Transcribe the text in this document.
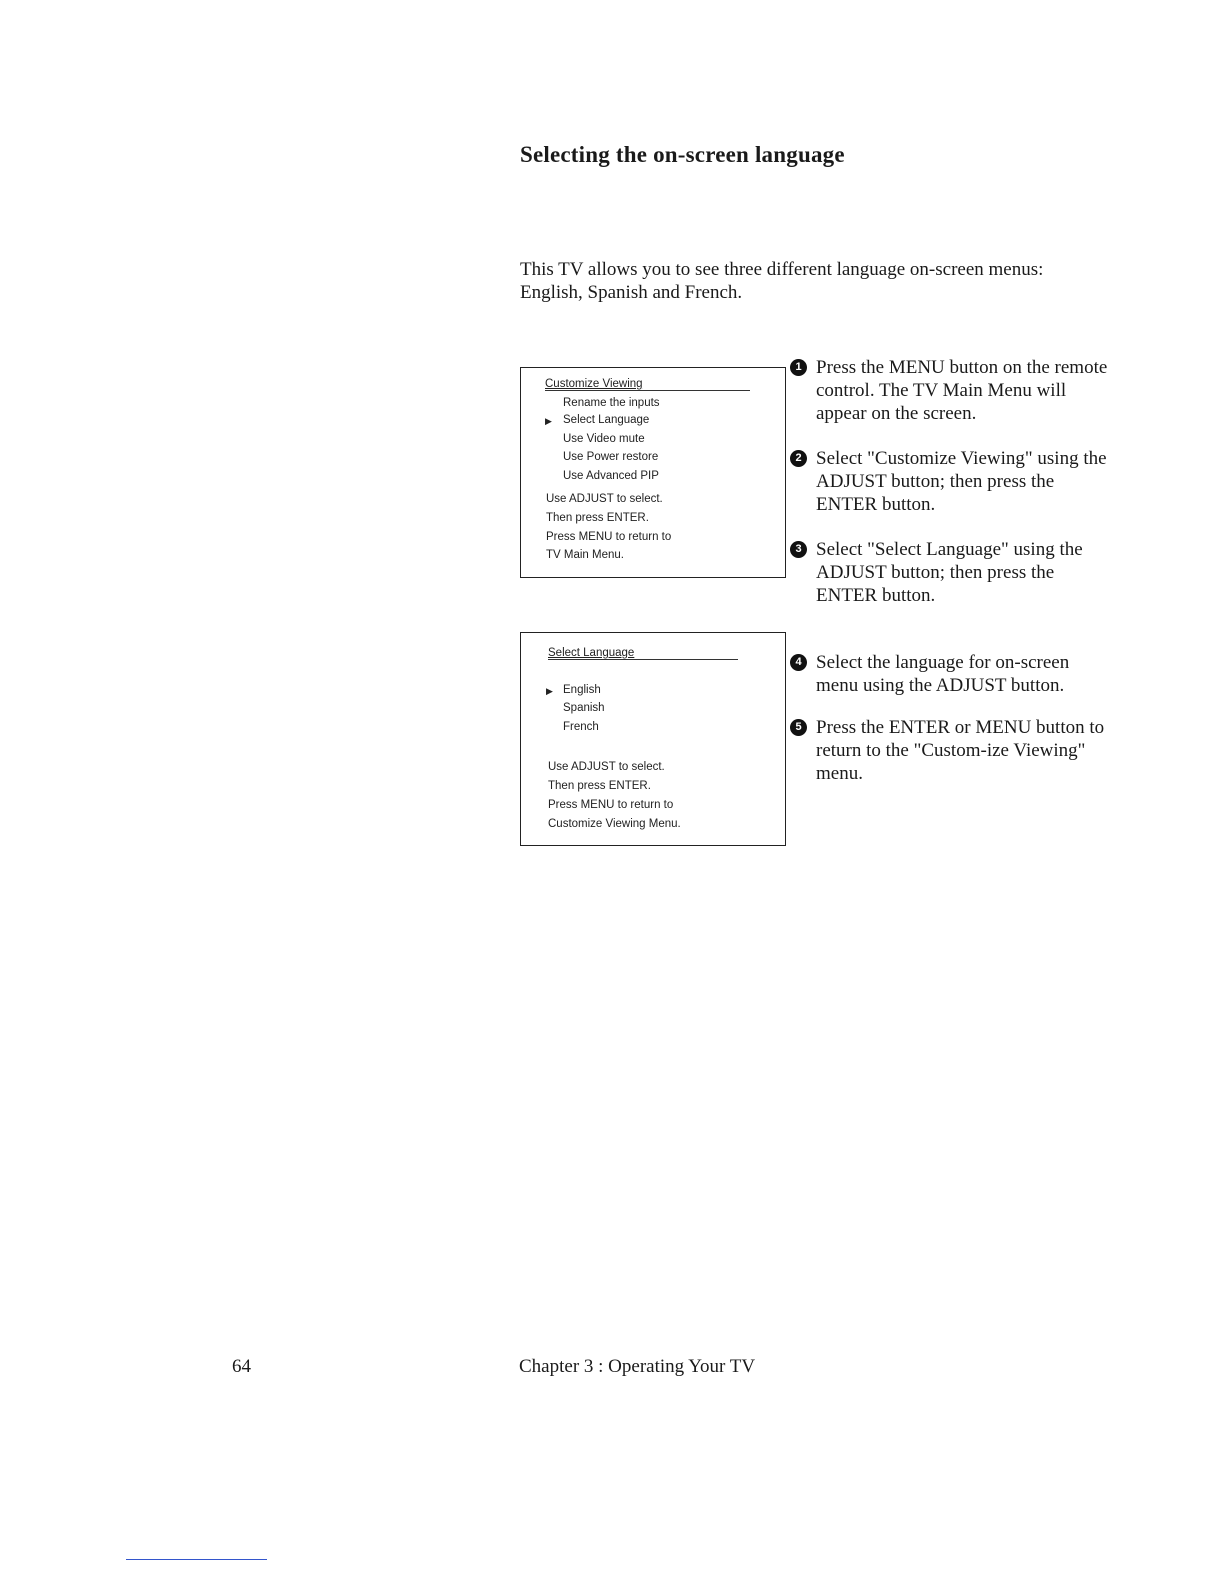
Selecting the on-screen language

This TV allows you to see three different language on-screen menus: English, Spanish and French.

Customize Viewing
Rename the inputs
▶ Select Language
Use Video mute
Use Power restore
Use Advanced PIP
Use ADJUST to select.
Then press ENTER.
Press MENU to return to
TV Main Menu.
Select Language
▶ English
Spanish
French
Use ADJUST to select.
Then press ENTER.
Press MENU to return to
Customize Viewing Menu.
1 Press the MENU button on the remote control. The TV Main Menu will appear on the screen.
2 Select "Customize Viewing" using the ADJUST button; then press the ENTER button.
3 Select "Select Language" using the ADJUST button; then press the ENTER button.
4 Select the language for on-screen menu using the ADJUST button.
5 Press the ENTER or MENU button to return to the "Custom-ize Viewing" menu.
64	Chapter 3 : Operating Your TV
